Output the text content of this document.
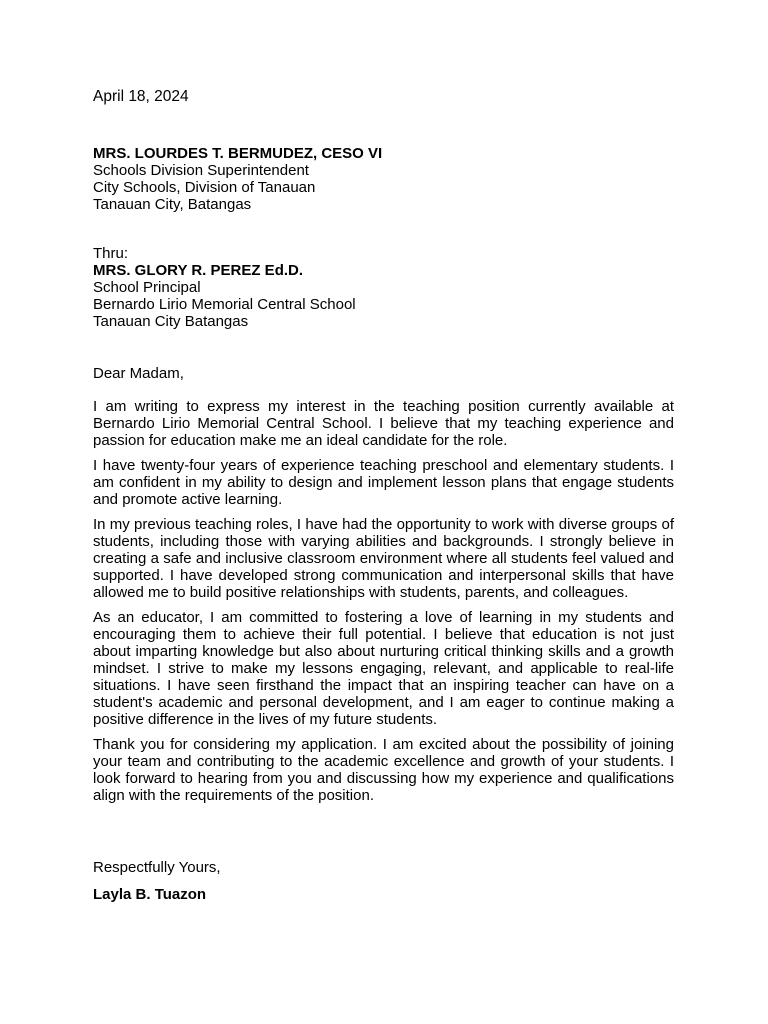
April 18, 2024
MRS. LOURDES T. BERMUDEZ, CESO VI
Schools Division Superintendent
City Schools, Division of Tanauan
Tanauan City, Batangas
Thru:
MRS. GLORY R. PEREZ Ed.D.
School Principal
Bernardo Lirio Memorial Central School
Tanauan City Batangas
Dear Madam,

I am writing to express my interest in the teaching position currently available at Bernardo Lirio Memorial Central School. I believe that my teaching experience and passion for education make me an ideal candidate for the role.

I have twenty-four years of experience teaching preschool and elementary students. I am confident in my ability to design and implement lesson plans that engage students and promote active learning.

In my previous teaching roles, I have had the opportunity to work with diverse groups of students, including those with varying abilities and backgrounds. I strongly believe in creating a safe and inclusive classroom environment where all students feel valued and supported. I have developed strong communication and interpersonal skills that have allowed me to build positive relationships with students, parents, and colleagues.

As an educator, I am committed to fostering a love of learning in my students and encouraging them to achieve their full potential. I believe that education is not just about imparting knowledge but also about nurturing critical thinking skills and a growth mindset. I strive to make my lessons engaging, relevant, and applicable to real-life situations. I have seen firsthand the impact that an inspiring teacher can have on a student's academic and personal development, and I am eager to continue making a positive difference in the lives of my future students.

Thank you for considering my application. I am excited about the possibility of joining your team and contributing to the academic excellence and growth of your students. I look forward to hearing from you and discussing how my experience and qualifications align with the requirements of the position.

Respectfully Yours,
Layla B. Tuazon
